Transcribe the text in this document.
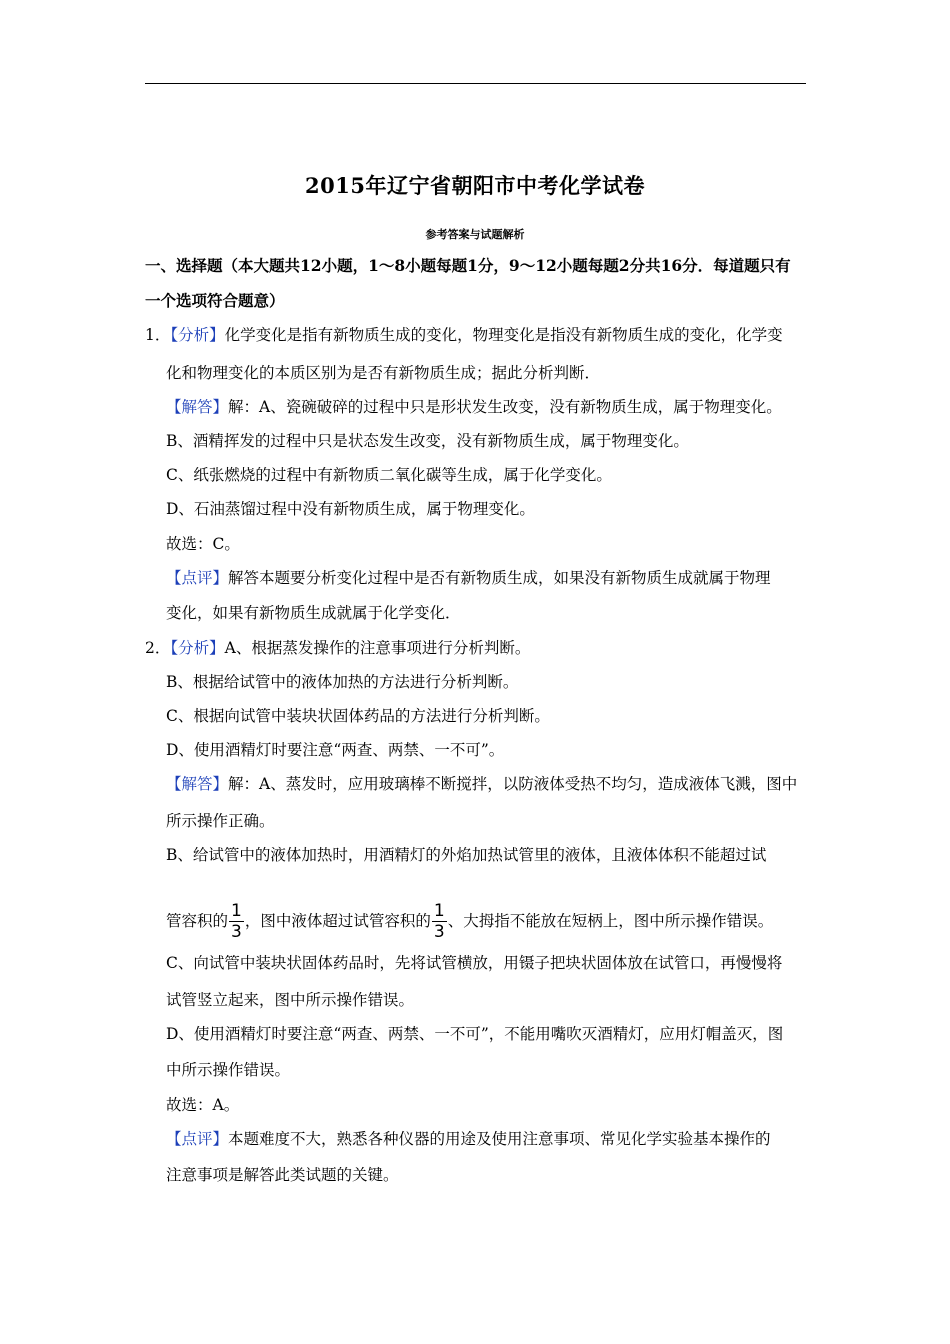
2015年辽宁省朝阳市中考化学试卷
参考答案与试题解析
一、选择题（本大题共12小题，1～8小题每题1分，9～12小题每题2分共16分．每道题只有
一个选项符合题意）
1．【分析】化学变化是指有新物质生成的变化，物理变化是指没有新物质生成的变化，化学变
化和物理变化的本质区别为是否有新物质生成；据此分析判断．
【解答】解：A、瓷碗破碎的过程中只是形状发生改变，没有新物质生成，属于物理变化。
B、酒精挥发的过程中只是状态发生改变，没有新物质生成，属于物理变化。
C、纸张燃烧的过程中有新物质二氧化碳等生成，属于化学变化。
D、石油蒸馏过程中没有新物质生成，属于物理变化。
故选：C。
【点评】解答本题要分析变化过程中是否有新物质生成，如果没有新物质生成就属于物理
变化，如果有新物质生成就属于化学变化．
2．【分析】A、根据蒸发操作的注意事项进行分析判断。
B、根据给试管中的液体加热的方法进行分析判断。
C、根据向试管中装块状固体药品的方法进行分析判断。
D、使用酒精灯时要注意“两查、两禁、一不可”。
【解答】解：A、蒸发时，应用玻璃棒不断搅拌，以防液体受热不均匀，造成液体飞溅，图中
所示操作正确。
B、给试管中的液体加热时，用酒精灯的外焰加热试管里的液体，且液体体积不能超过试
管容积的 $\frac{1}{3}$ ，图中液体超过试管容积的 $\frac{1}{3}$ 、大拇指不能放在短柄上，图中所示操作错误。
C、向试管中装块状固体药品时，先将试管横放，用镊子把块状固体放在试管口，再慢慢将
试管竖立起来，图中所示操作错误。
D、使用酒精灯时要注意“两查、两禁、一不可”，不能用嘴吹灭酒精灯，应用灯帽盖灭，图
中所示操作错误。
故选：A。
【点评】本题难度不大，熟悉各种仪器的用途及使用注意事项、常见化学实验基本操作的
注意事项是解答此类试题的关键。
